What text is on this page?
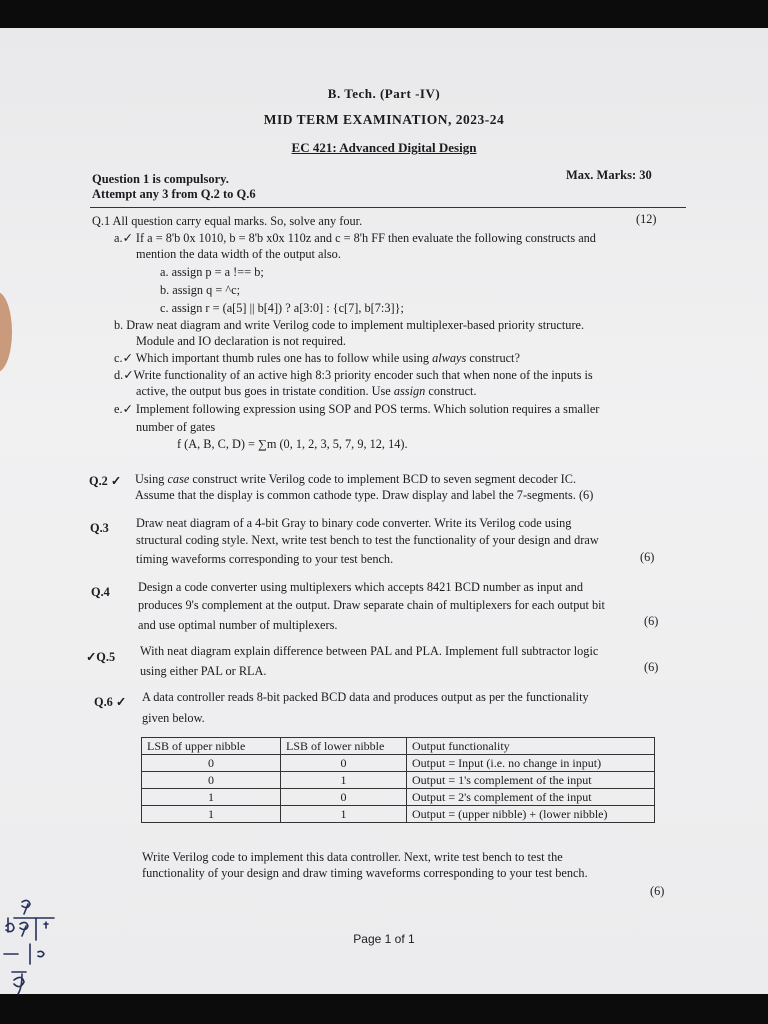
B. Tech. (Part -IV)
MID TERM EXAMINATION, 2023-24
EC 421: Advanced Digital Design
Question 1 is compulsory.
Attempt any 3 from Q.2 to Q.6
Max. Marks: 30
Q.1 All question carry equal marks. So, solve any four.	(12)
a.✓ If a = 8'b 0x 1010, b = 8'b x0x 110z and c = 8'h FF then evaluate the following constructs and
mention the data width of the output also.
a. assign p = a !== b;
b. assign q = ^c;
c. assign r = (a[5] || b[4]) ? a[3:0] : {c[7], b[7:3]};
b. Draw neat diagram and write Verilog code to implement multiplexer-based priority structure.
Module and IO declaration is not required.
c.✓ Which important thumb rules one has to follow while using always construct?
d.✓Write functionality of an active high 8:3 priority encoder such that when none of the inputs is
active, the output bus goes in tristate condition. Use assign construct.
e.✓ Implement following expression using SOP and POS terms. Which solution requires a smaller
number of gates
f (A, B, C, D) = ∑m (0, 1, 2, 3, 5, 7, 9, 12, 14).
Q.2 ✓ Using case construct write Verilog code to implement BCD to seven segment decoder IC.
Assume that the display is common cathode type. Draw display and label the 7-segments. (6)
Q.3 Draw neat diagram of a 4-bit Gray to binary code converter. Write its Verilog code using
structural coding style. Next, write test bench to test the functionality of your design and draw
timing waveforms corresponding to your test bench.	(6)
Q.4 Design a code converter using multiplexers which accepts 8421 BCD number as input and
produces 9's complement at the output. Draw separate chain of multiplexers for each output bit
and use optimal number of multiplexers.	(6)
✓Q.5 With neat diagram explain difference between PAL and PLA. Implement full subtractor logic
using either PAL or RLA.	(6)
Q.6 ✓ A data controller reads 8-bit packed BCD data and produces output as per the functionality
given below.
LSB of upper nibble	LSB of lower nibble	Output functionality
0	0	Output = Input (i.e. no change in input)
0	1	Output = 1's complement of the input
1	0	Output = 2's complement of the input
1	1	Output = (upper nibble) + (lower nibble)
Write Verilog code to implement this data controller. Next, write test bench to test the
functionality of your design and draw timing waveforms corresponding to your test bench.
(6)
Page 1 of 1
